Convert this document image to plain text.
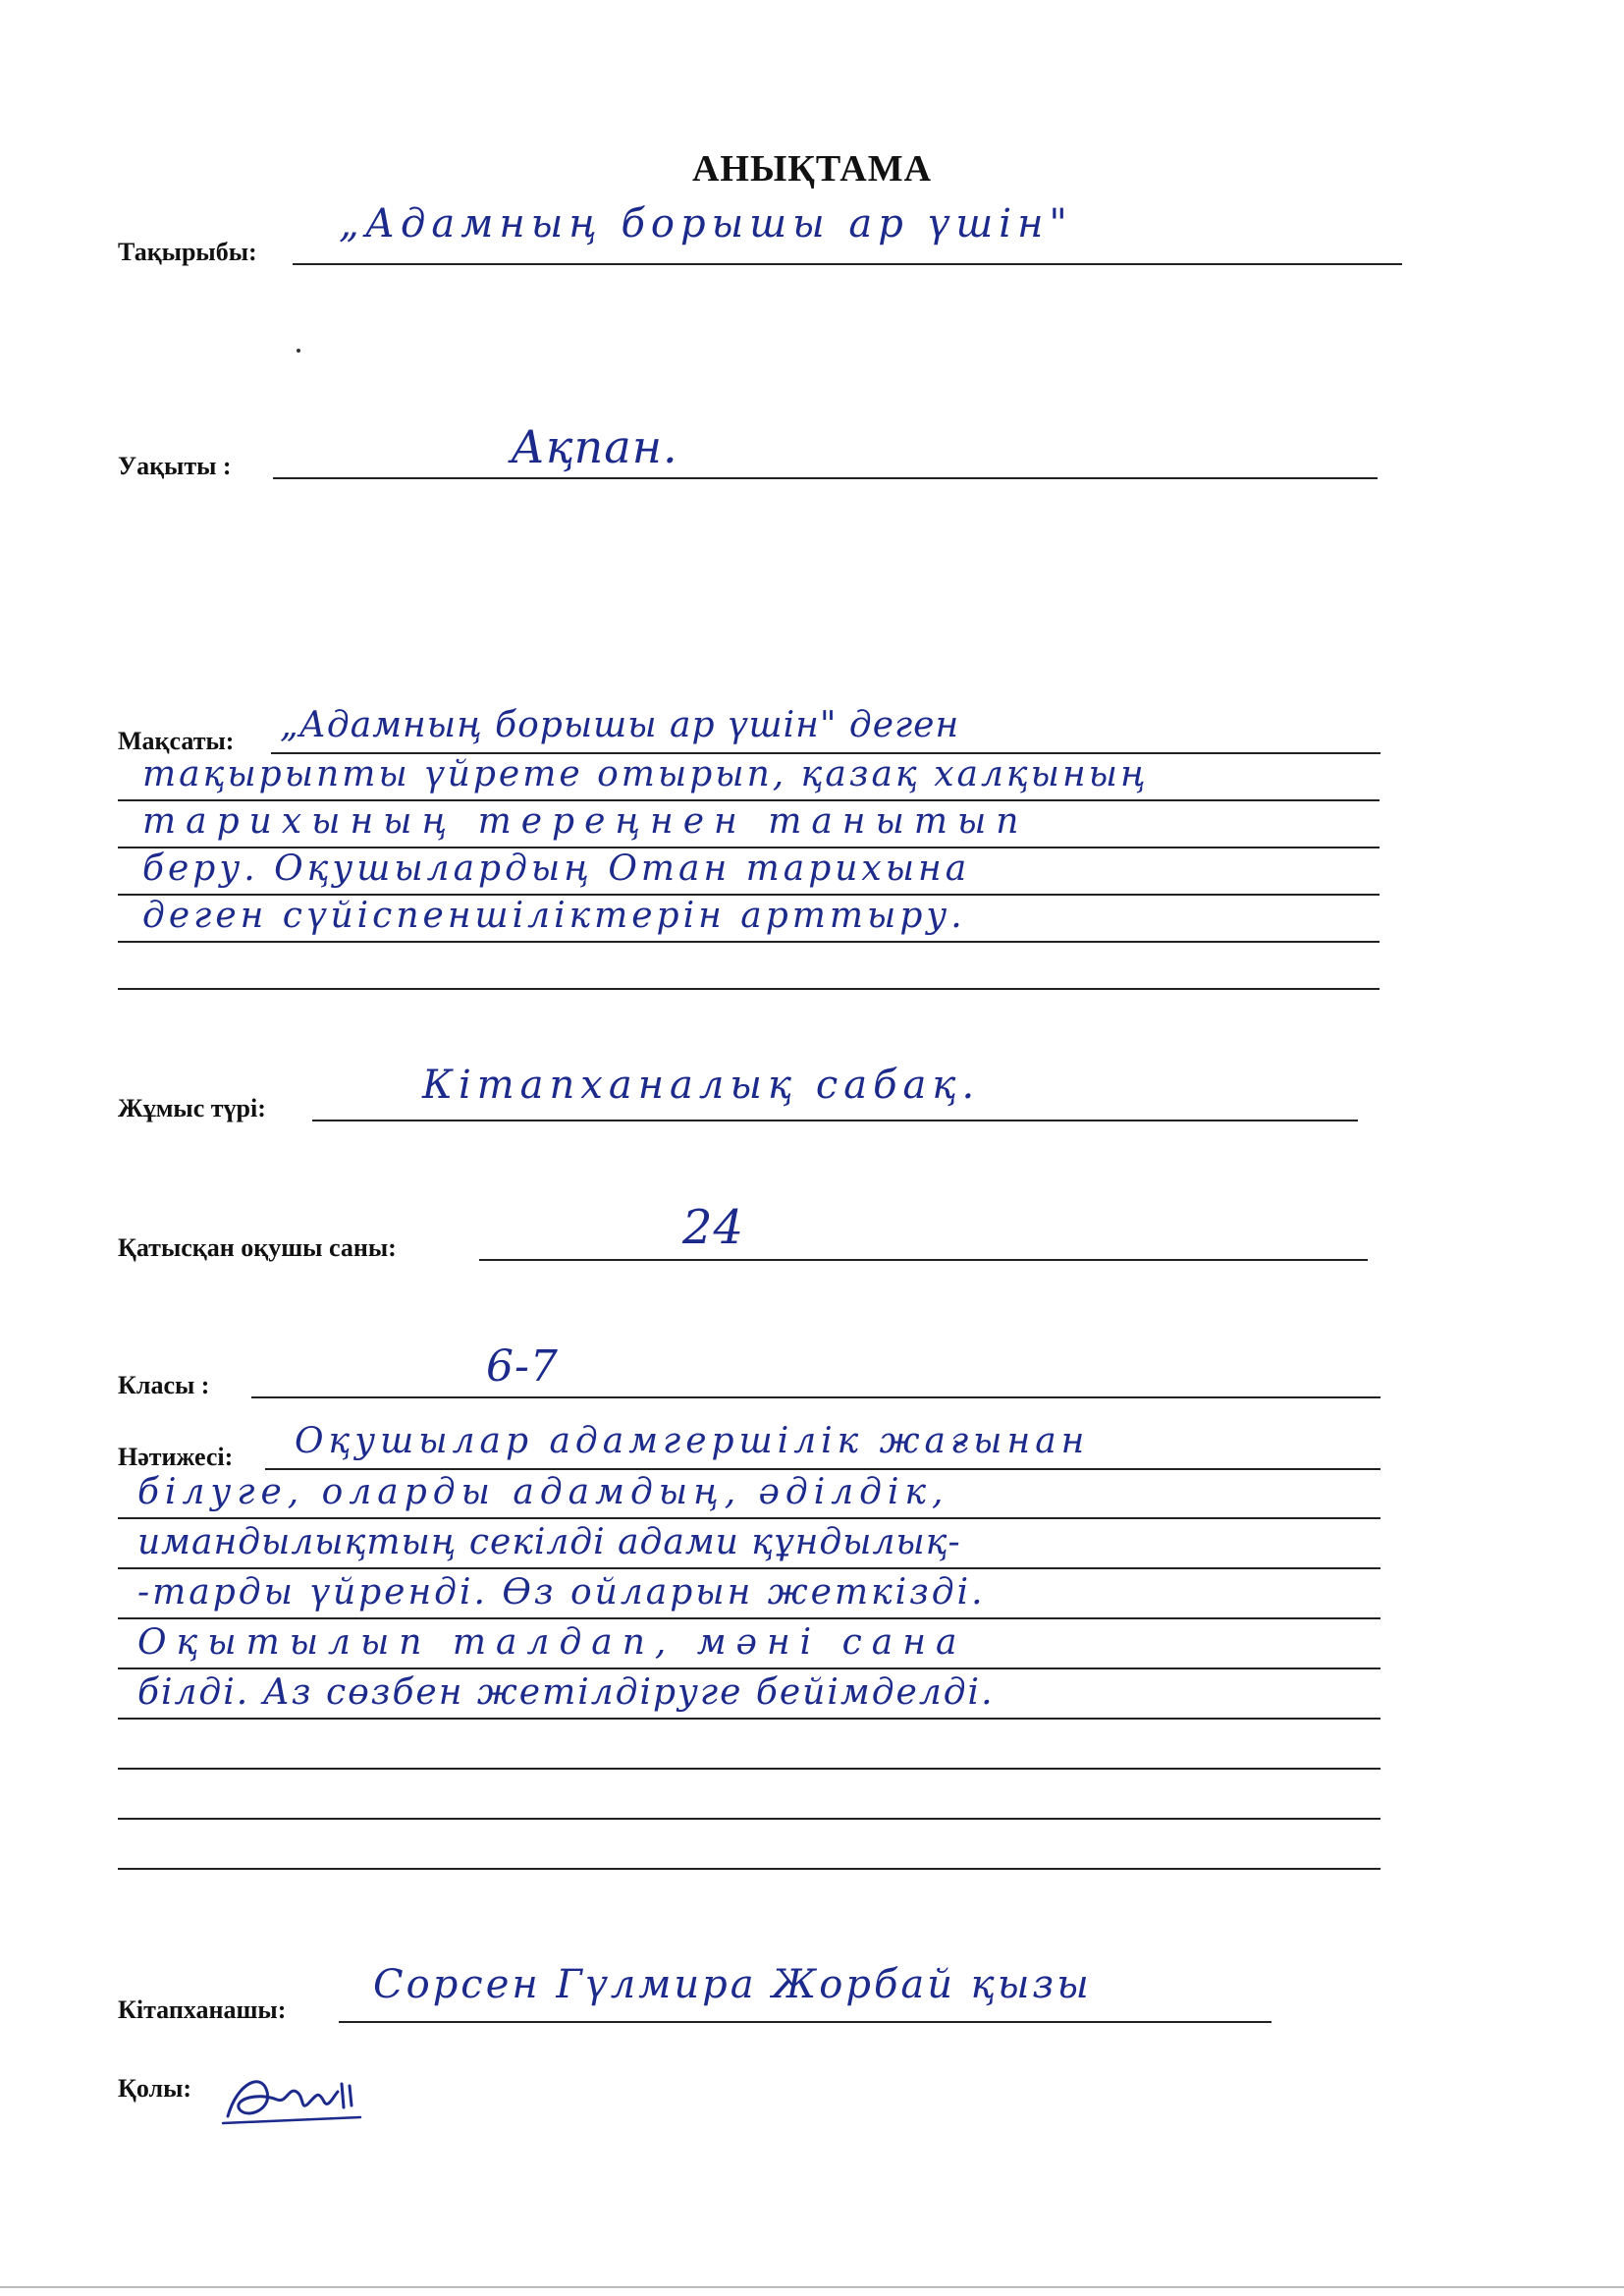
АНЫҚТАМА
Тақырыбы:
„Адамның борышы ар үшін"
Уақыты :	Ақпан.
Мақсаты: „Адамның борышы ар үшін" деген
тақырыпты үйрете отырып, қазақ халқының
тарихының тереңнен танытып
беру. Оқушылардың Отан тарихына
деген сүйіспеншіліктерін арттыру.
Жұмыс түрі:
Кітапханалық сабақ.
Қатысқан оқушы саны:	24
Класы :	6-7
Нәтижесі: Оқушылар адамгершілік жағынан
білуге, оларды адамдың, әділдік,
имандылықтың секілді адами құндылық-
-тарды үйренді. Өз ойларын жеткізді.
Оқытылып талдап, мәні сана
білді. Аз сөзбен жетілдіруге бейімделді.
Кітапханашы:
Сорсен Гүлмира Жорбай қызы
Қолы:
